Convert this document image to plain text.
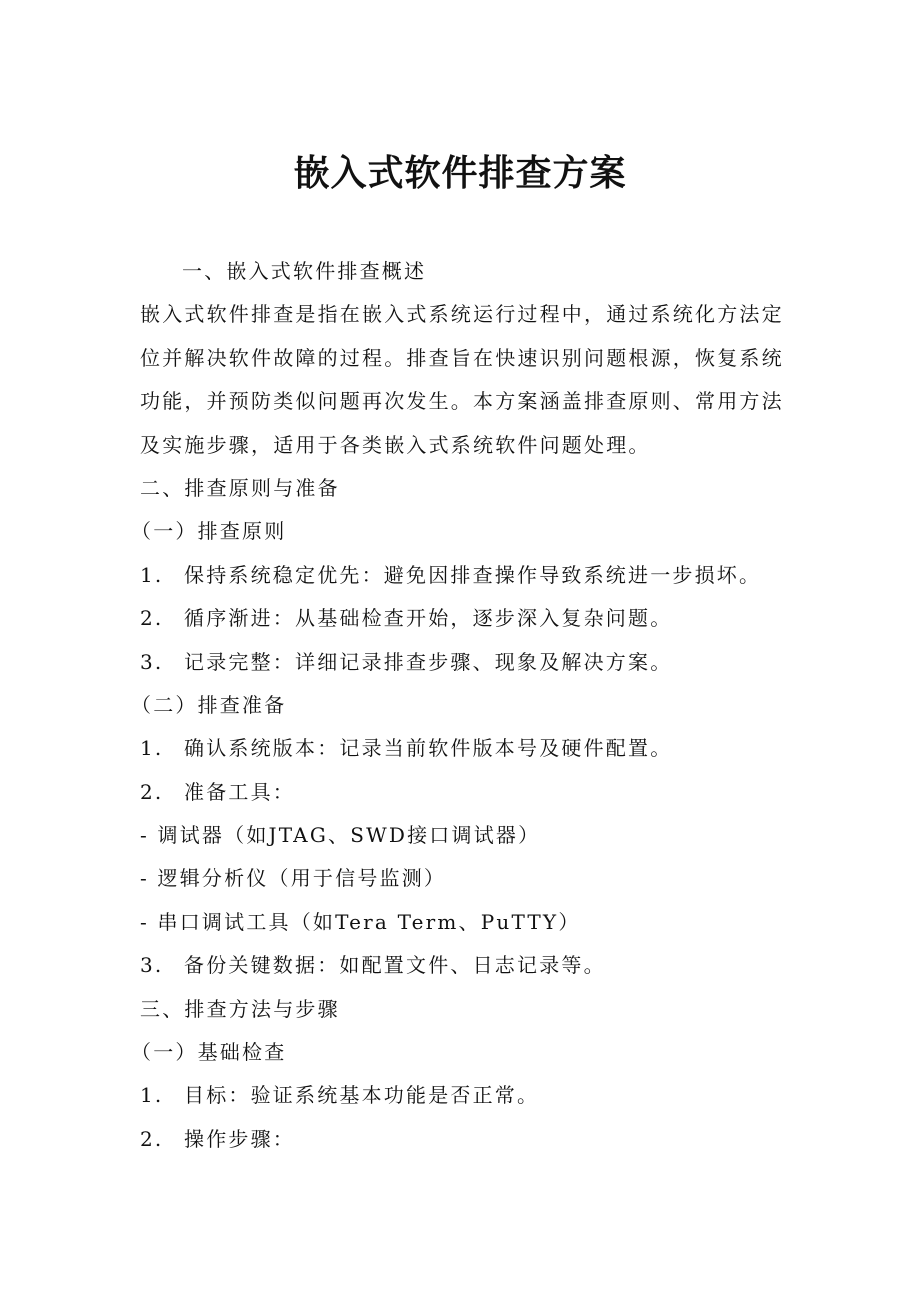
嵌入式软件排查方案
一、嵌入式软件排查概述
嵌入式软件排查是指在嵌入式系统运行过程中，通过系统化方法定
位并解决软件故障的过程。排查旨在快速识别问题根源，恢复系统
功能，并预防类似问题再次发生。本方案涵盖排查原则、常用方法
及实施步骤，适用于各类嵌入式系统软件问题处理。
二、排查原则与准备
（一）排查原则
1. 保持系统稳定优先：避免因排查操作导致系统进一步损坏。
2. 循序渐进：从基础检查开始，逐步深入复杂问题。
3. 记录完整：详细记录排查步骤、现象及解决方案。
（二）排查准备
1. 确认系统版本：记录当前软件版本号及硬件配置。
2. 准备工具：
- 调试器（如JTAG、SWD接口调试器）
- 逻辑分析仪（用于信号监测）
- 串口调试工具（如Tera Term、PuTTY）
3. 备份关键数据：如配置文件、日志记录等。
三、排查方法与步骤
（一）基础检查
1. 目标：验证系统基本功能是否正常。
2. 操作步骤：
